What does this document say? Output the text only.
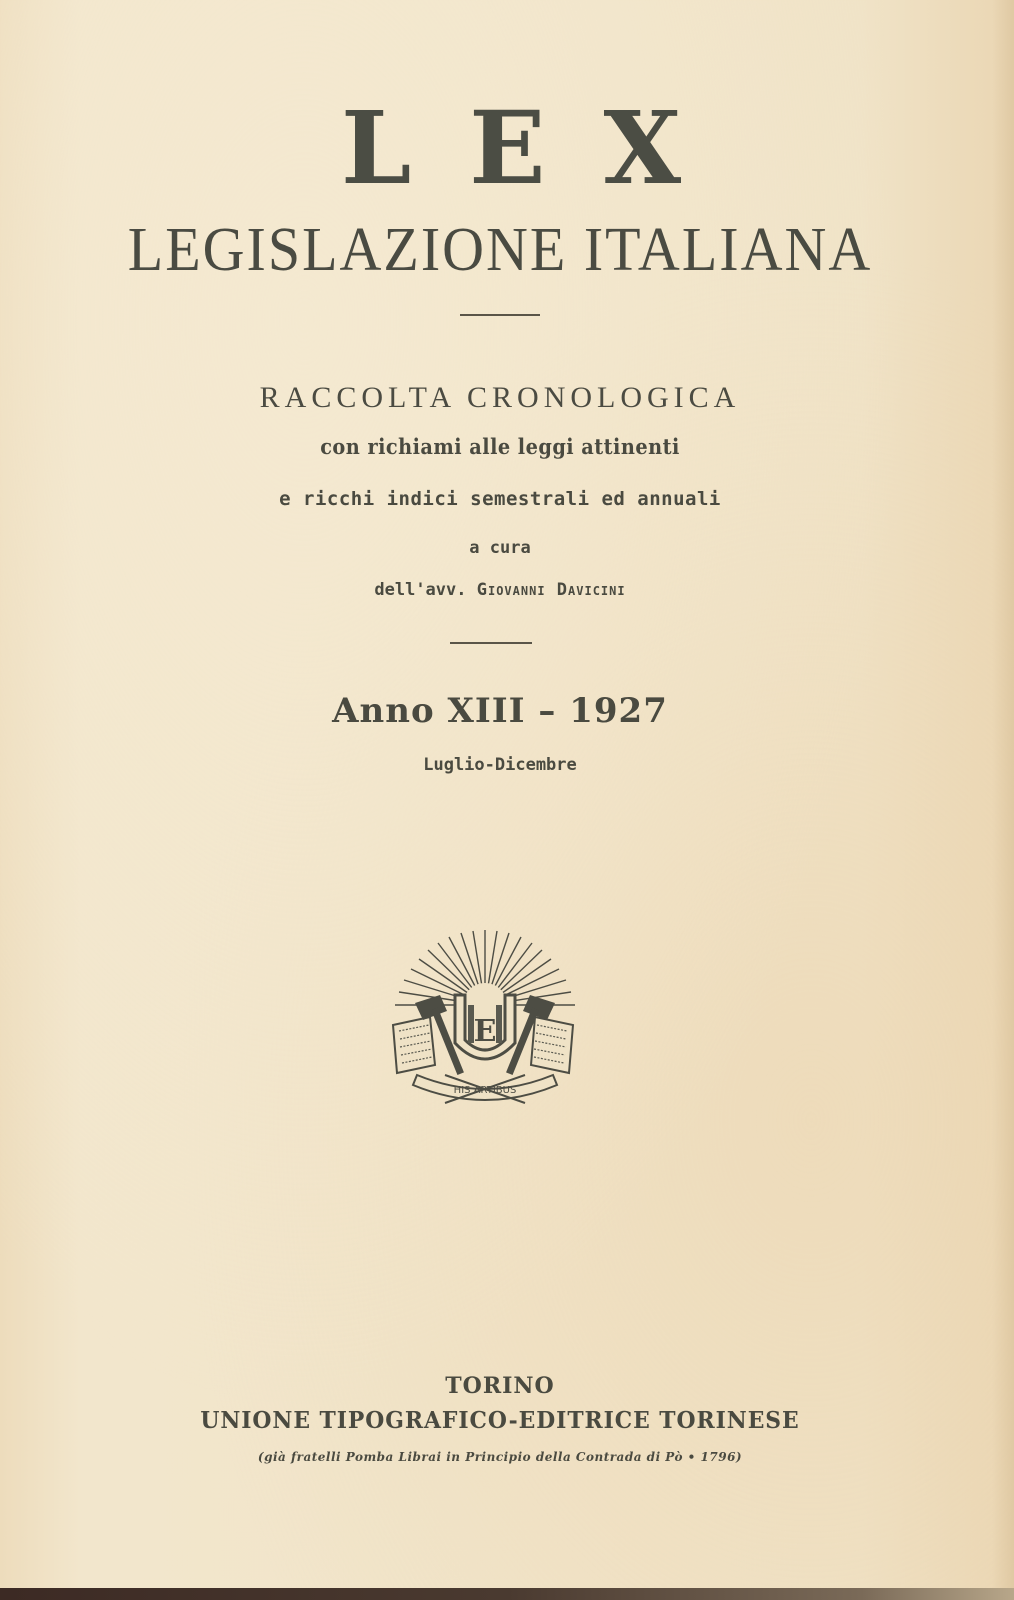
LEX
LEGISLAZIONE ITALIANA
RACCOLTA CRONOLOGICA
con richiami alle leggi attinenti
e ricchi indici semestrali ed annuali
a cura
dell'avv. Giovanni Davicini
Anno XIII – 1927
Luglio-Dicembre
E
HIS ARTIBUS
TORINO
UNIONE TIPOGRAFICO-EDITRICE TORINESE
(già fratelli Pomba Librai in Principio della Contrada di Pò • 1796)
